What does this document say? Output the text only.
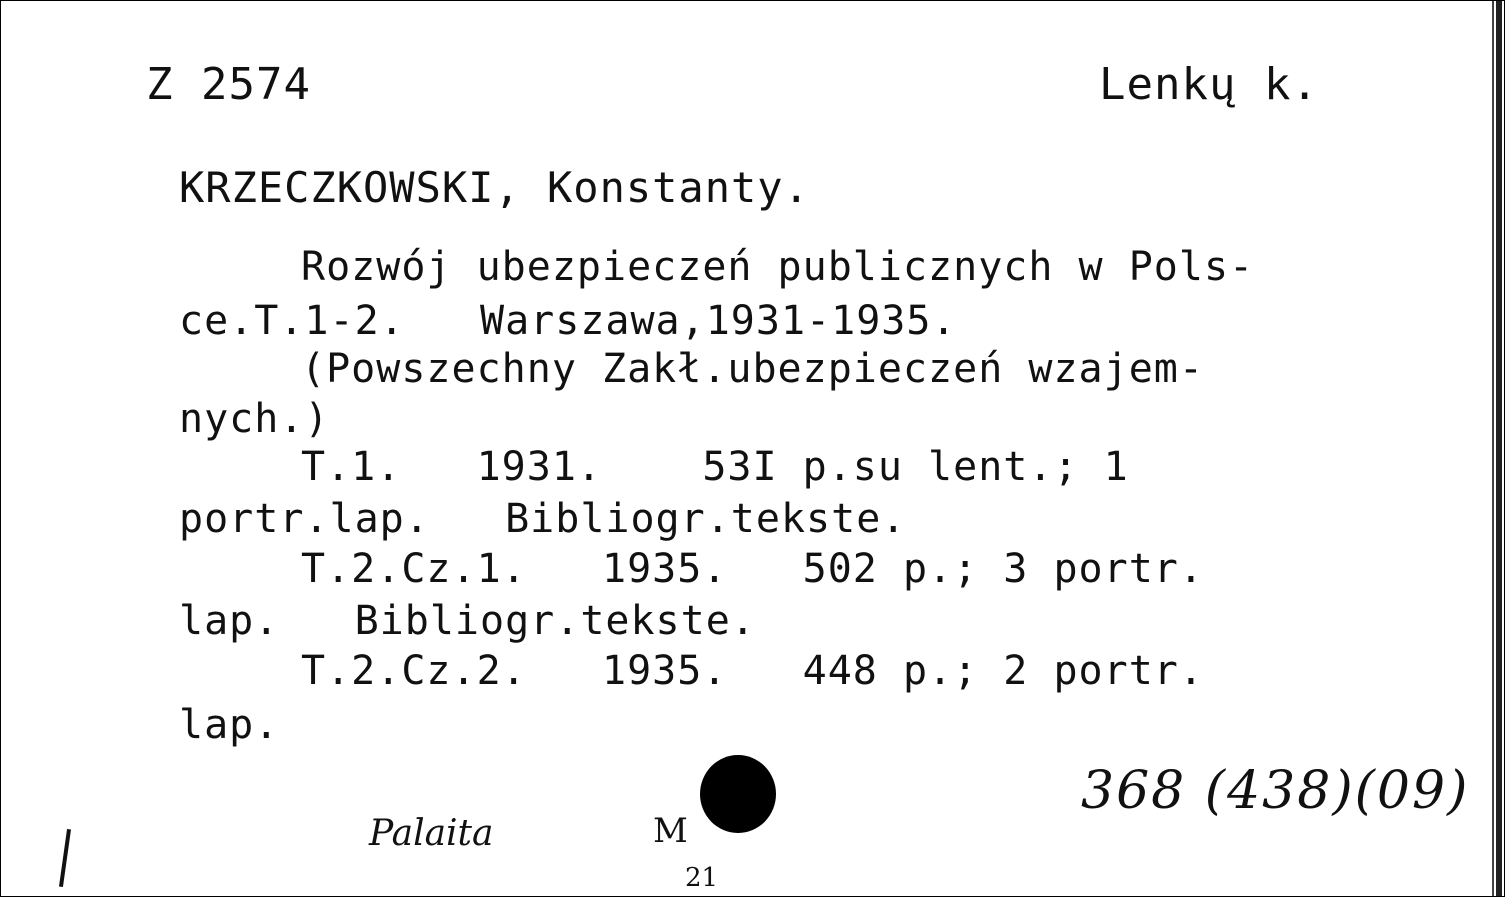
Z 2574	Lenkų k.
KRZECZKOWSKI, Konstanty.
Rozwój ubezpieczeń publicznych w Pols-
ce.T.1-2.   Warszawa,1931-1935.
(Powszechny Zakł.ubezpieczeń wzajem-
nych.)
T.1.   1931.    53I p.su lent.; 1
portr.lap.   Bibliogr.tekste.
T.2.Cz.1.   1935.   502 p.; 3 portr.
lap.   Bibliogr.tekste.
T.2.Cz.2.   1935.   448 p.; 2 portr.
lap.
368 (438)(09)
Palaita	M
21
